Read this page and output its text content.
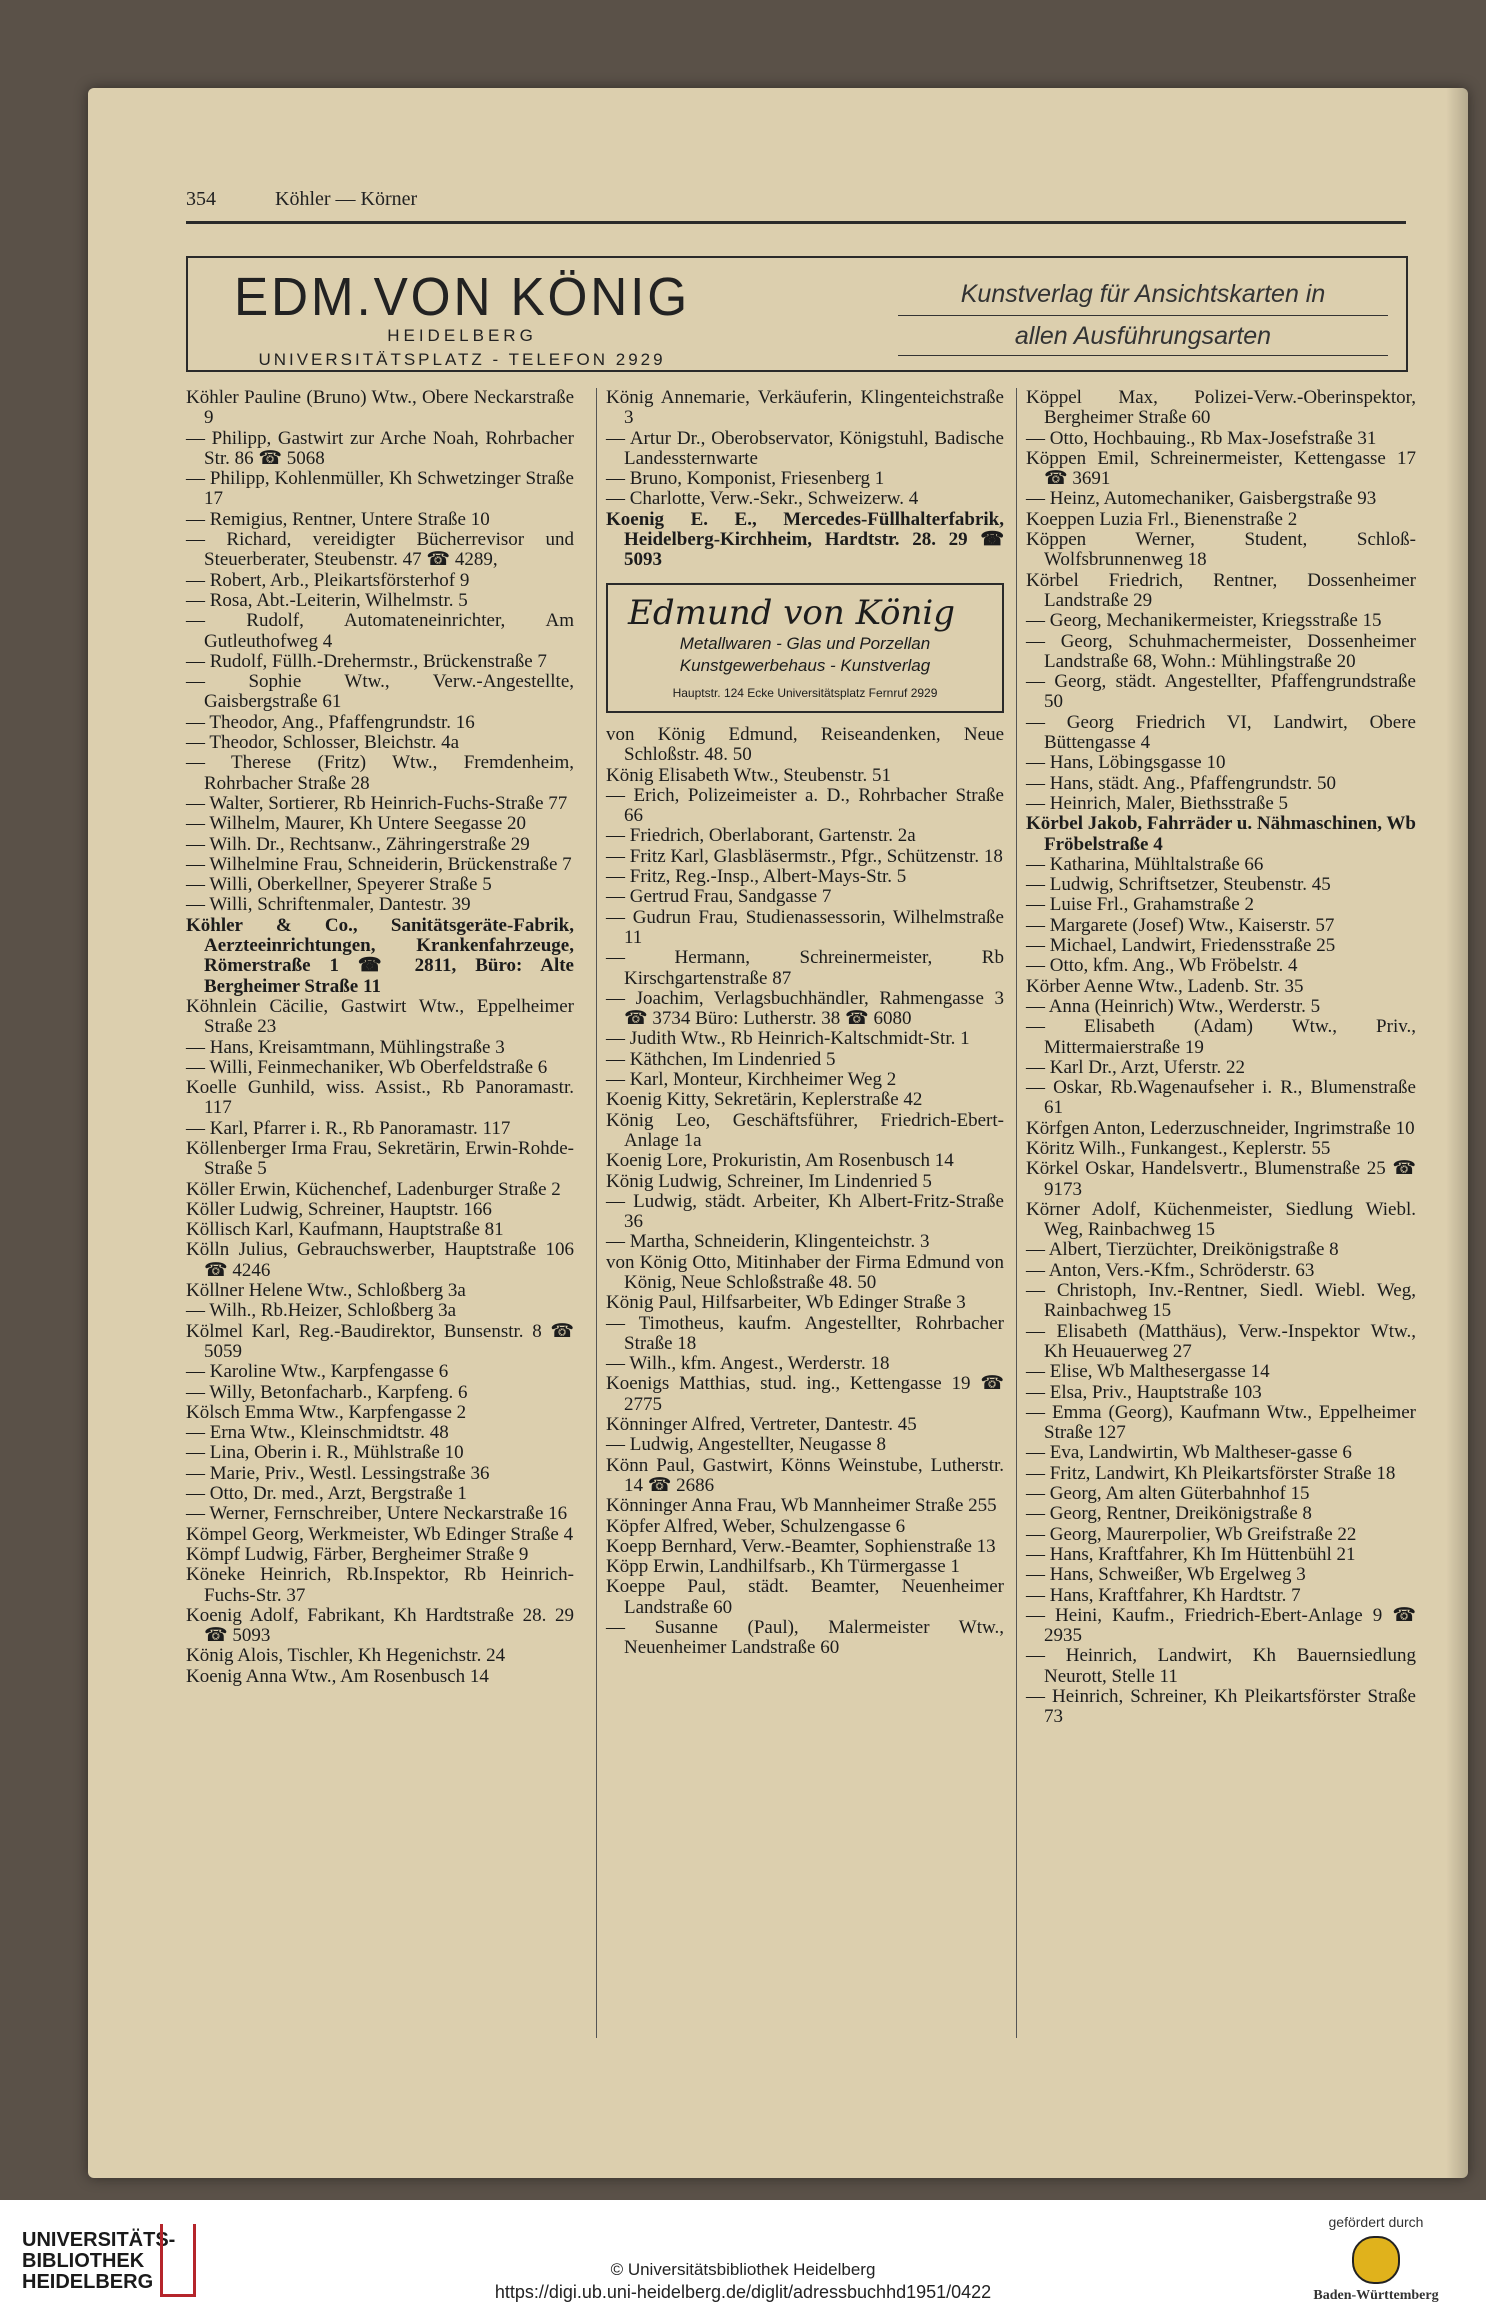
354	Köhler — Körner
EDM.VON KÖNIG
HEIDELBERG
UNIVERSITÄTSPLATZ - TELEFON 2929
Kunstverlag für Ansichtskarten in
allen Ausführungsarten
Köhler Pauline (Bruno) Wtw., Obere Neckarstraße 9
— Philipp, Gastwirt zur Arche Noah, Rohrbacher Str. 86 ☎ 5068
— Philipp, Kohlenmüller, Kh Schwetzinger Straße 17
— Remigius, Rentner, Untere Straße 10
— Richard, vereidigter Bücherrevisor und Steuerberater, Steubenstr. 47 ☎ 4289,
— Robert, Arb., Pleikartsförsterhof 9
— Rosa, Abt.-Leiterin, Wilhelmstr. 5
— Rudolf, Automateneinrichter, Am Gutleuthofweg 4
— Rudolf, Füllh.-Drehermstr., Brückenstraße 7
— Sophie Wtw., Verw.-Angestellte, Gaisbergstraße 61
— Theodor, Ang., Pfaffengrundstr. 16
— Theodor, Schlosser, Bleichstr. 4a
— Therese (Fritz) Wtw., Fremdenheim, Rohrbacher Straße 28
— Walter, Sortierer, Rb Heinrich-Fuchs-Straße 77
— Wilhelm, Maurer, Kh Untere Seegasse 20
— Wilh. Dr., Rechtsanw., Zähringerstraße 29
— Wilhelmine Frau, Schneiderin, Brückenstraße 7
— Willi, Oberkellner, Speyerer Straße 5
— Willi, Schriftenmaler, Dantestr. 39
Köhler & Co., Sanitätsgeräte-Fabrik, Aerzteeinrichtungen, Krankenfahrzeuge, Römerstraße 1 ☎ 2811, Büro: Alte Bergheimer Straße 11
Köhnlein Cäcilie, Gastwirt Wtw., Eppelheimer Straße 23
— Hans, Kreisamtmann, Mühlingstraße 3
— Willi, Feinmechaniker, Wb Oberfeldstraße 6
Koelle Gunhild, wiss. Assist., Rb Panoramastr. 117
— Karl, Pfarrer i. R., Rb Panoramastr. 117
Köllenberger Irma Frau, Sekretärin, Erwin-Rohde-Straße 5
Köller Erwin, Küchenchef, Ladenburger Straße 2
Köller Ludwig, Schreiner, Hauptstr. 166
Köllisch Karl, Kaufmann, Hauptstraße 81
Kölln Julius, Gebrauchswerber, Hauptstraße 106 ☎ 4246
Köllner Helene Wtw., Schloßberg 3a
— Wilh., Rb.Heizer, Schloßberg 3a
Kölmel Karl, Reg.-Baudirektor, Bunsenstr. 8 ☎ 5059
— Karoline Wtw., Karpfengasse 6
— Willy, Betonfacharb., Karpfeng. 6
Kölsch Emma Wtw., Karpfengasse 2
— Erna Wtw., Kleinschmidtstr. 48
— Lina, Oberin i. R., Mühlstraße 10
— Marie, Priv., Westl. Lessingstraße 36
— Otto, Dr. med., Arzt, Bergstraße 1
— Werner, Fernschreiber, Untere Neckarstraße 16
Kömpel Georg, Werkmeister, Wb Edinger Straße 4
Kömpf Ludwig, Färber, Bergheimer Straße 9
Köneke Heinrich, Rb.Inspektor, Rb Heinrich-Fuchs-Str. 37
Koenig Adolf, Fabrikant, Kh Hardtstraße 28. 29 ☎ 5093
König Alois, Tischler, Kh Hegenichstr. 24
Koenig Anna Wtw., Am Rosenbusch 14
König Annemarie, Verkäuferin, Klingenteichstraße 3
— Artur Dr., Oberobservator, Königstuhl, Badische Landessternwarte
— Bruno, Komponist, Friesenberg 1
— Charlotte, Verw.-Sekr., Schweizerw. 4
Koenig E. E., Mercedes-Füllhalterfabrik, Heidelberg-Kirchheim, Hardtstr. 28. 29 ☎ 5093
Edmund von König
Metallwaren - Glas und Porzellan
Kunstgewerbehaus - Kunstverlag
Hauptstr. 124 Ecke Universitätsplatz Fernruf 2929
von König Edmund, Reiseandenken, Neue Schloßstr. 48. 50
König Elisabeth Wtw., Steubenstr. 51
— Erich, Polizeimeister a. D., Rohrbacher Straße 66
— Friedrich, Oberlaborant, Gartenstr. 2a
— Fritz Karl, Glasbläsermstr., Pfgr., Schützenstr. 18
— Fritz, Reg.-Insp., Albert-Mays-Str. 5
— Gertrud Frau, Sandgasse 7
— Gudrun Frau, Studienassessorin, Wilhelmstraße 11
— Hermann, Schreinermeister, Rb Kirschgartenstraße 87
— Joachim, Verlagsbuchhändler, Rahmengasse 3 ☎ 3734 Büro: Lutherstr. 38 ☎ 6080
— Judith Wtw., Rb Heinrich-Kaltschmidt-Str. 1
— Käthchen, Im Lindenried 5
— Karl, Monteur, Kirchheimer Weg 2
Koenig Kitty, Sekretärin, Keplerstraße 42
König Leo, Geschäftsführer, Friedrich-Ebert-Anlage 1a
Koenig Lore, Prokuristin, Am Rosenbusch 14
König Ludwig, Schreiner, Im Lindenried 5
— Ludwig, städt. Arbeiter, Kh Albert-Fritz-Straße 36
— Martha, Schneiderin, Klingenteichstr. 3
von König Otto, Mitinhaber der Firma Edmund von König, Neue Schloßstraße 48. 50
König Paul, Hilfsarbeiter, Wb Edinger Straße 3
— Timotheus, kaufm. Angestellter, Rohrbacher Straße 18
— Wilh., kfm. Angest., Werderstr. 18
Koenigs Matthias, stud. ing., Kettengasse 19 ☎ 2775
Könninger Alfred, Vertreter, Dantestr. 45
— Ludwig, Angestellter, Neugasse 8
Könn Paul, Gastwirt, Könns Weinstube, Lutherstr. 14 ☎ 2686
Könninger Anna Frau, Wb Mannheimer Straße 255
Köpfer Alfred, Weber, Schulzengasse 6
Koepp Bernhard, Verw.-Beamter, Sophienstraße 13
Köpp Erwin, Landhilfsarb., Kh Türmergasse 1
Koeppe Paul, städt. Beamter, Neuenheimer Landstraße 60
— Susanne (Paul), Malermeister Wtw., Neuenheimer Landstraße 60
Köppel Max, Polizei-Verw.-Oberinspektor, Bergheimer Straße 60
— Otto, Hochbauing., Rb Max-Josefstraße 31
Köppen Emil, Schreinermeister, Kettengasse 17 ☎ 3691
— Heinz, Automechaniker, Gaisbergstraße 93
Koeppen Luzia Frl., Bienenstraße 2
Köppen Werner, Student, Schloß-Wolfsbrunnenweg 18
Körbel Friedrich, Rentner, Dossenheimer Landstraße 29
— Georg, Mechanikermeister, Kriegsstraße 15
— Georg, Schuhmachermeister, Dossenheimer Landstraße 68, Wohn.: Mühlingstraße 20
— Georg, städt. Angestellter, Pfaffengrundstraße 50
— Georg Friedrich VI, Landwirt, Obere Büttengasse 4
— Hans, Löbingsgasse 10
— Hans, städt. Ang., Pfaffengrundstr. 50
— Heinrich, Maler, Biethsstraße 5
Körbel Jakob, Fahrräder u. Nähmaschinen, Wb Fröbelstraße 4
— Katharina, Mühltalstraße 66
— Ludwig, Schriftsetzer, Steubenstr. 45
— Luise Frl., Grahamstraße 2
— Margarete (Josef) Wtw., Kaiserstr. 57
— Michael, Landwirt, Friedensstraße 25
— Otto, kfm. Ang., Wb Fröbelstr. 4
Körber Aenne Wtw., Ladenb. Str. 35
— Anna (Heinrich) Wtw., Werderstr. 5
— Elisabeth (Adam) Wtw., Priv., Mittermaierstraße 19
— Karl Dr., Arzt, Uferstr. 22
— Oskar, Rb.Wagenaufseher i. R., Blumenstraße 61
Körfgen Anton, Lederzuschneider, Ingrimstraße 10
Köritz Wilh., Funkangest., Keplerstr. 55
Körkel Oskar, Handelsvertr., Blumenstraße 25 ☎ 9173
Körner Adolf, Küchenmeister, Siedlung Wiebl. Weg, Rainbachweg 15
— Albert, Tierzüchter, Dreikönigstraße 8
— Anton, Vers.-Kfm., Schröderstr. 63
— Christoph, Inv.-Rentner, Siedl. Wiebl. Weg, Rainbachweg 15
— Elisabeth (Matthäus), Verw.-Inspektor Wtw., Kh Heuauerweg 27
— Elise, Wb Malthesergasse 14
— Elsa, Priv., Hauptstraße 103
— Emma (Georg), Kaufmann Wtw., Eppelheimer Straße 127
— Eva, Landwirtin, Wb Maltheser-gasse 6
— Fritz, Landwirt, Kh Pleikartsförster Straße 18
— Georg, Am alten Güterbahnhof 15
— Georg, Rentner, Dreikönigstraße 8
— Georg, Maurerpolier, Wb Greifstraße 22
— Hans, Kraftfahrer, Kh Im Hüttenbühl 21
— Hans, Schweißer, Wb Ergelweg 3
— Hans, Kraftfahrer, Kh Hardtstr. 7
— Heini, Kaufm., Friedrich-Ebert-Anlage 9 ☎ 2935
— Heinrich, Landwirt, Kh Bauernsiedlung Neurott, Stelle 11
— Heinrich, Schreiner, Kh Pleikartsförster Straße 73
UNIVERSITÄTS-
BIBLIOTHEK
HEIDELBERG
© Universitätsbibliothek Heidelberg
https://digi.ub.uni-heidelberg.de/diglit/adressbuchhd1951/0422
gefördert durch
Baden-Württemberg
